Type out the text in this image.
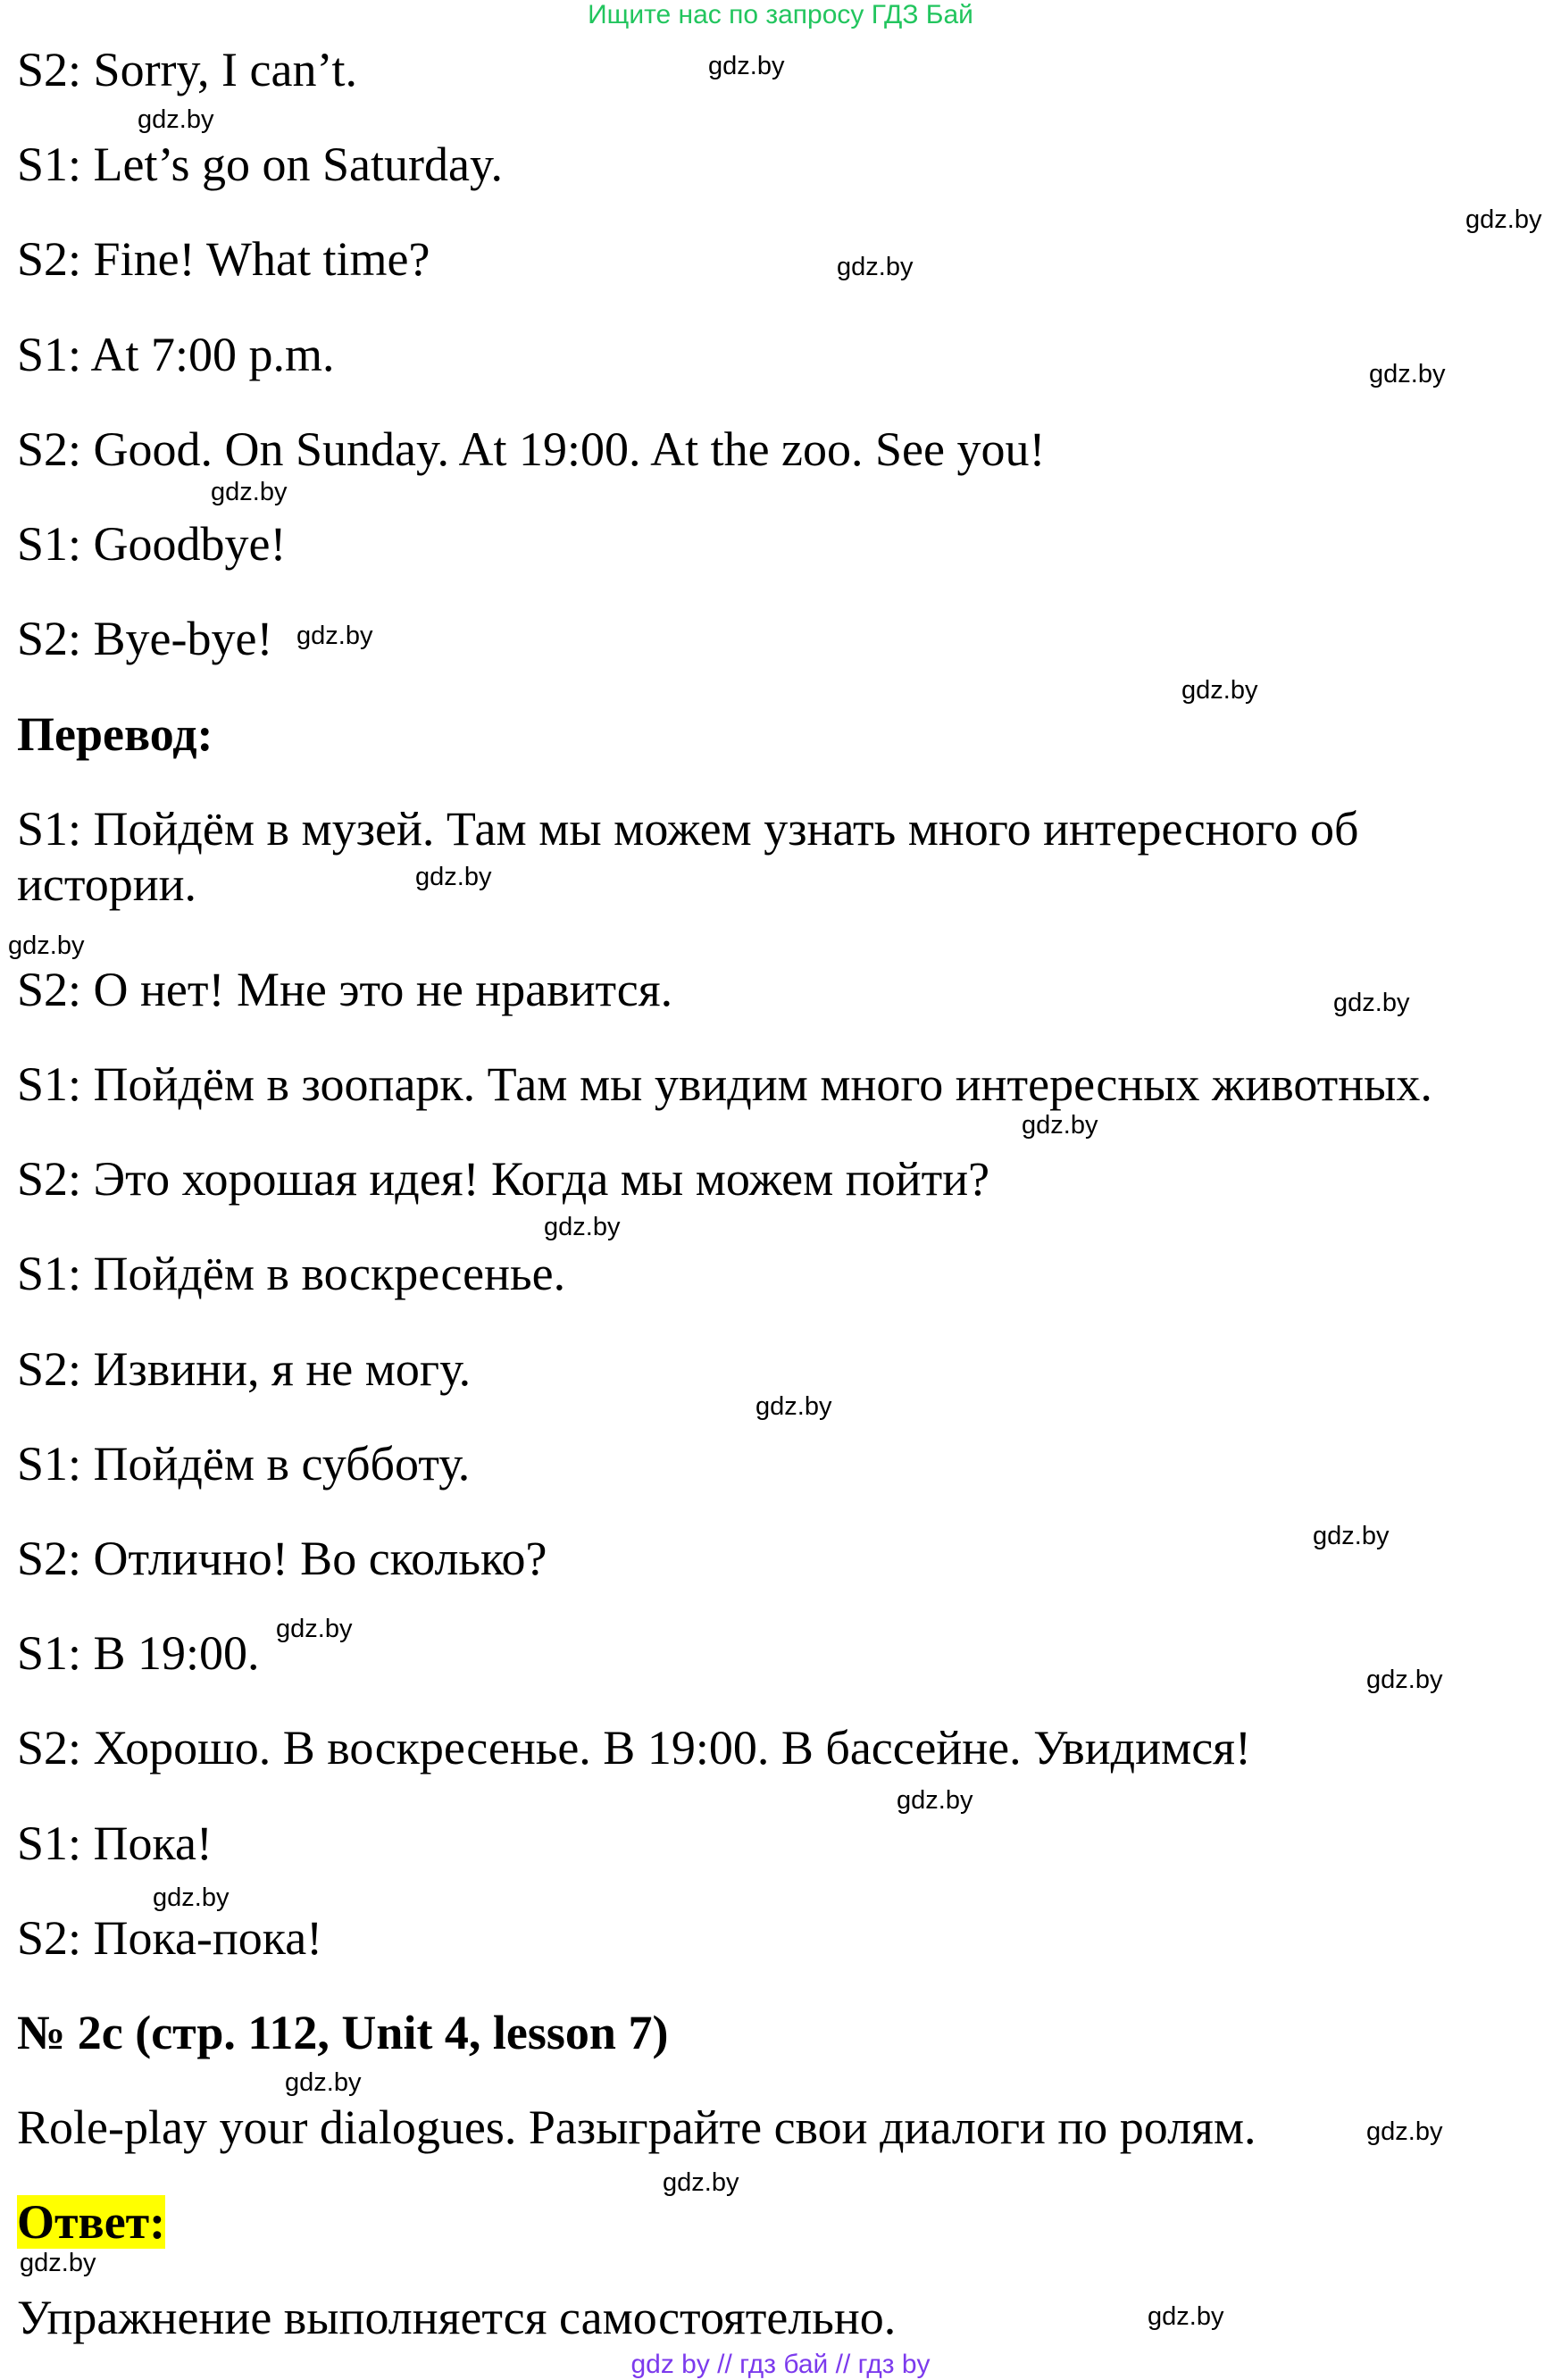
Ищите нас по запросу ГДЗ Бай

S2: Sorry, I can’t.

S1: Let’s go on Saturday.

S2: Fine! What time?

S1: At 7:00 p.m.

S2: Good. On Sunday. At 19:00. At the zoo. See you!

S1: Goodbye!

S2: Bye-bye!

Перевод:

S1: Пойдём в музей. Там мы можем узнать много интересного об истории.

S2: О нет! Мне это не нравится.

S1: Пойдём в зоопарк. Там мы увидим много интересных животных.

S2: Это хорошая идея! Когда мы можем пойти?

S1: Пойдём в воскресенье.

S2: Извини, я не могу.

S1: Пойдём в субботу.

S2: Отлично! Во сколько?

S1: В 19:00.

S2: Хорошо. В воскресенье. В 19:00. В бассейне. Увидимся!

S1: Пока!

S2: Пока-пока!

№ 2c (стр. 112, Unit 4, lesson 7)

Role-play your dialogues. Разыграйте свои диалоги по ролям.

Ответ:

Упражнение выполняется самостоятельно.

gdz.by
gdz.by
gdz.by
gdz.by
gdz.by
gdz.by
gdz.by
gdz.by
gdz.by
gdz.by
gdz.by
gdz.by
gdz.by
gdz.by
gdz.by
gdz.by
gdz.by
gdz.by
gdz.by
gdz.by
gdz.by
gdz.by
gdz.by
gdz.by
gdz by // гдз бай // гдз by
